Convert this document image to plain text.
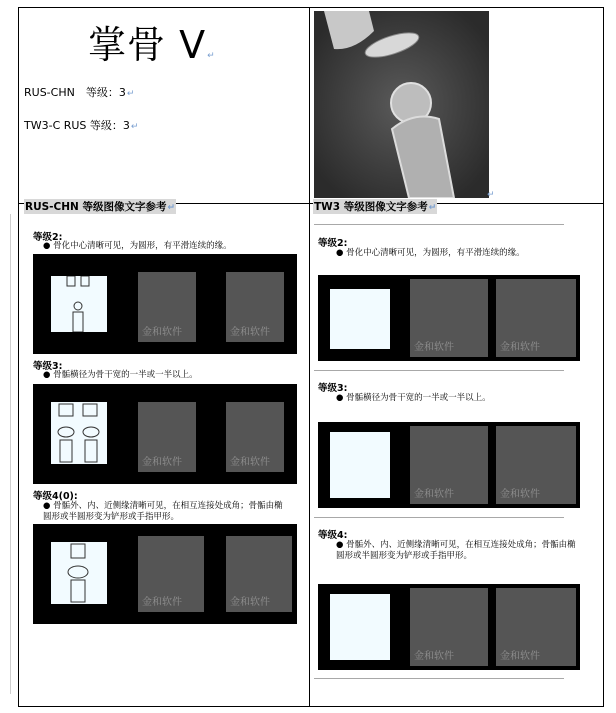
掌骨 V↵
RUS-CHN　等级：3↵
TW3-C RUS 等级：3↵
↵
RUS-CHN 等级图像文字参考↵	TW3 等级图像文字参考↵
等级2:
● 骨化中心清晰可见，为圆形，有平滑连续的缘。
金和软件	金和软件
等级3:
● 骨骺横径为骨干宽的一半或一半以上。
金和软件	金和软件
等级4(0):
● 骨骺外、内、近侧缘清晰可见，在相互连接处成角；骨骺由椭圆形或半圆形变为铲形或手指甲形。
金和软件	金和软件
等级2:
● 骨化中心清晰可见，为圆形，有平滑连续的缘。
金和软件	金和软件
等级3:
● 骨骺横径为骨干宽的一半或一半以上。
金和软件	金和软件
等级4:
● 骨骺外、内、近侧缘清晰可见，在相互连接处成角；骨骺由椭圆形或半圆形变为铲形或手指甲形。
金和软件	金和软件
